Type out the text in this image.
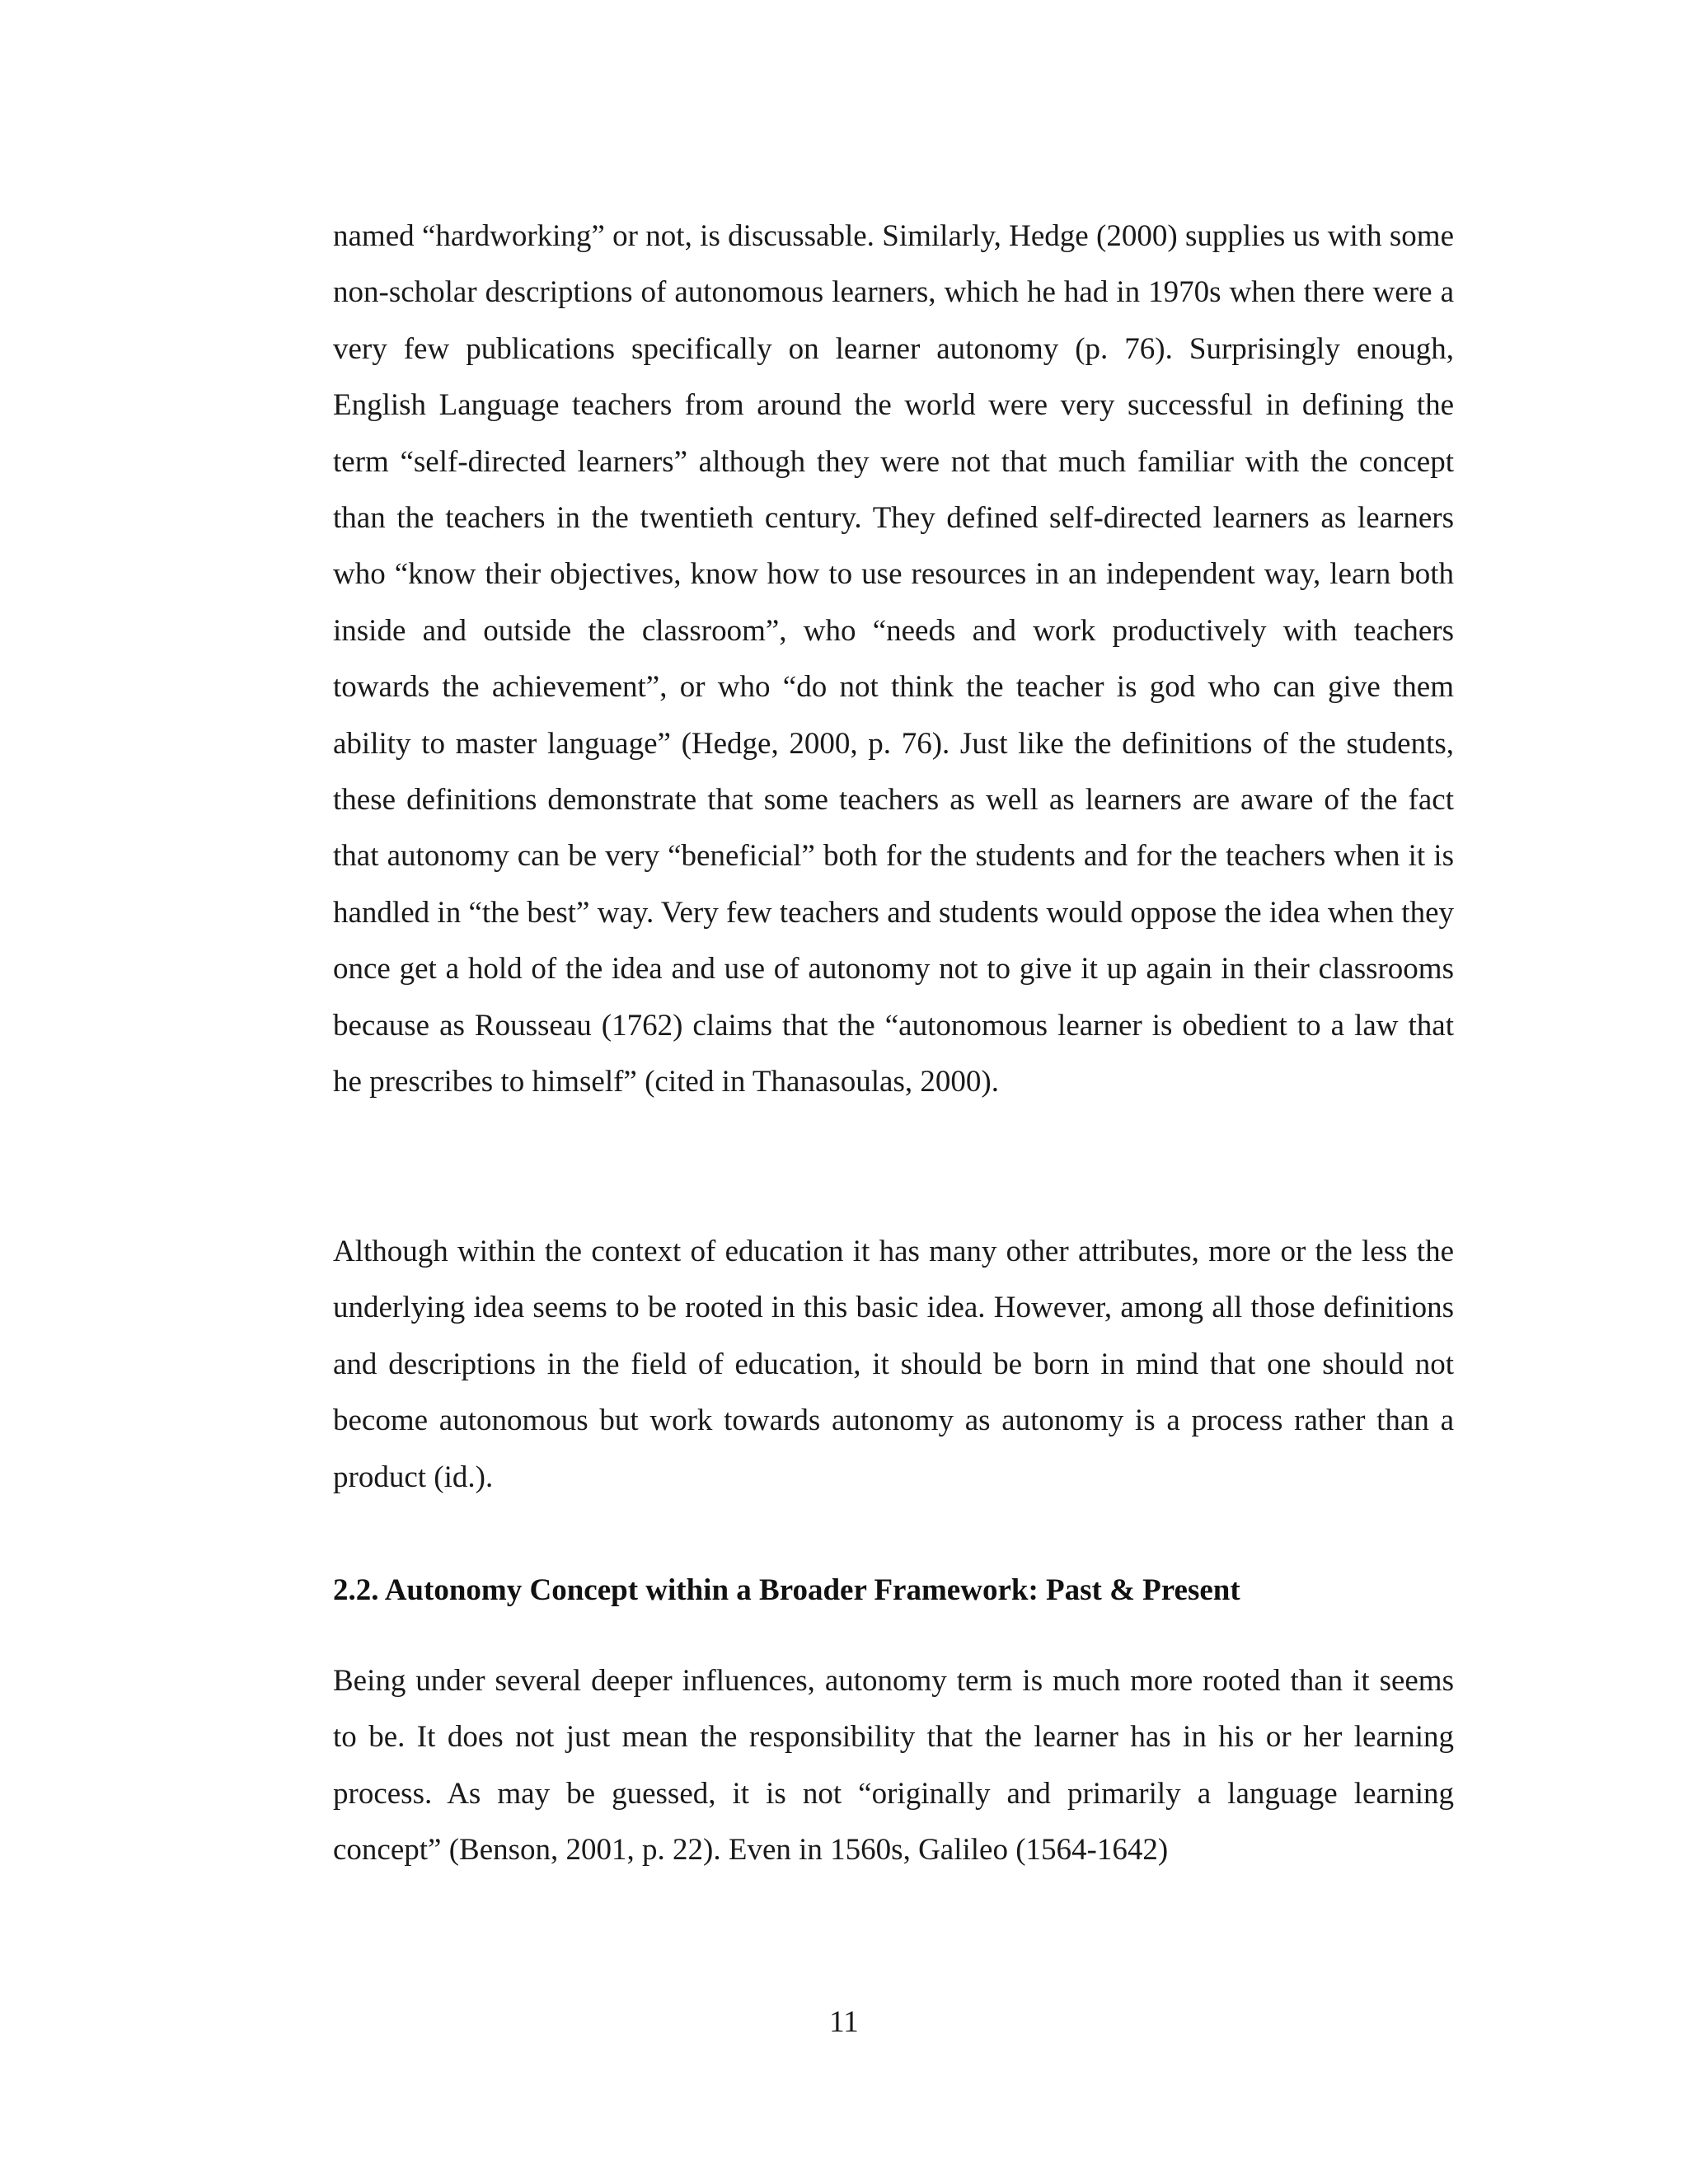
named “hardworking” or not, is discussable. Similarly, Hedge (2000) supplies us with some non-scholar descriptions of autonomous learners, which he had in 1970s when there were a very few publications specifically on learner autonomy (p. 76). Surprisingly enough, English Language teachers from around the world were very successful in defining the term “self-directed learners” although they were not that much familiar with the concept than the teachers in the twentieth century. They defined self-directed learners as learners who “know their objectives, know how to use resources in an independent way, learn both inside and outside the classroom”, who “needs and work productively with teachers towards the achievement”, or who “do not think the teacher is god who can give them ability to master language” (Hedge, 2000, p. 76). Just like the definitions of the students, these definitions demonstrate that some teachers as well as learners are aware of the fact that autonomy can be very “beneficial” both for the students and for the teachers when it is handled in “the best” way. Very few teachers and students would oppose the idea when they once get a hold of the idea and use of autonomy not to give it up again in their classrooms because as Rousseau (1762) claims that the “autonomous learner is obedient to a law that he prescribes to himself” (cited in Thanasoulas, 2000).

Although within the context of education it has many other attributes, more or the less the underlying idea seems to be rooted in this basic idea. However, among all those definitions and descriptions in the field of education, it should be born in mind that one should not become autonomous but work towards autonomy as autonomy is a process rather than a product (id.).

2.2. Autonomy Concept within a Broader Framework: Past & Present

Being under several deeper influences, autonomy term is much more rooted than it seems to be. It does not just mean the responsibility that the learner has in his or her learning process. As may be guessed, it is not “originally and primarily a language learning concept” (Benson, 2001, p. 22). Even in 1560s, Galileo (1564-1642)

11
